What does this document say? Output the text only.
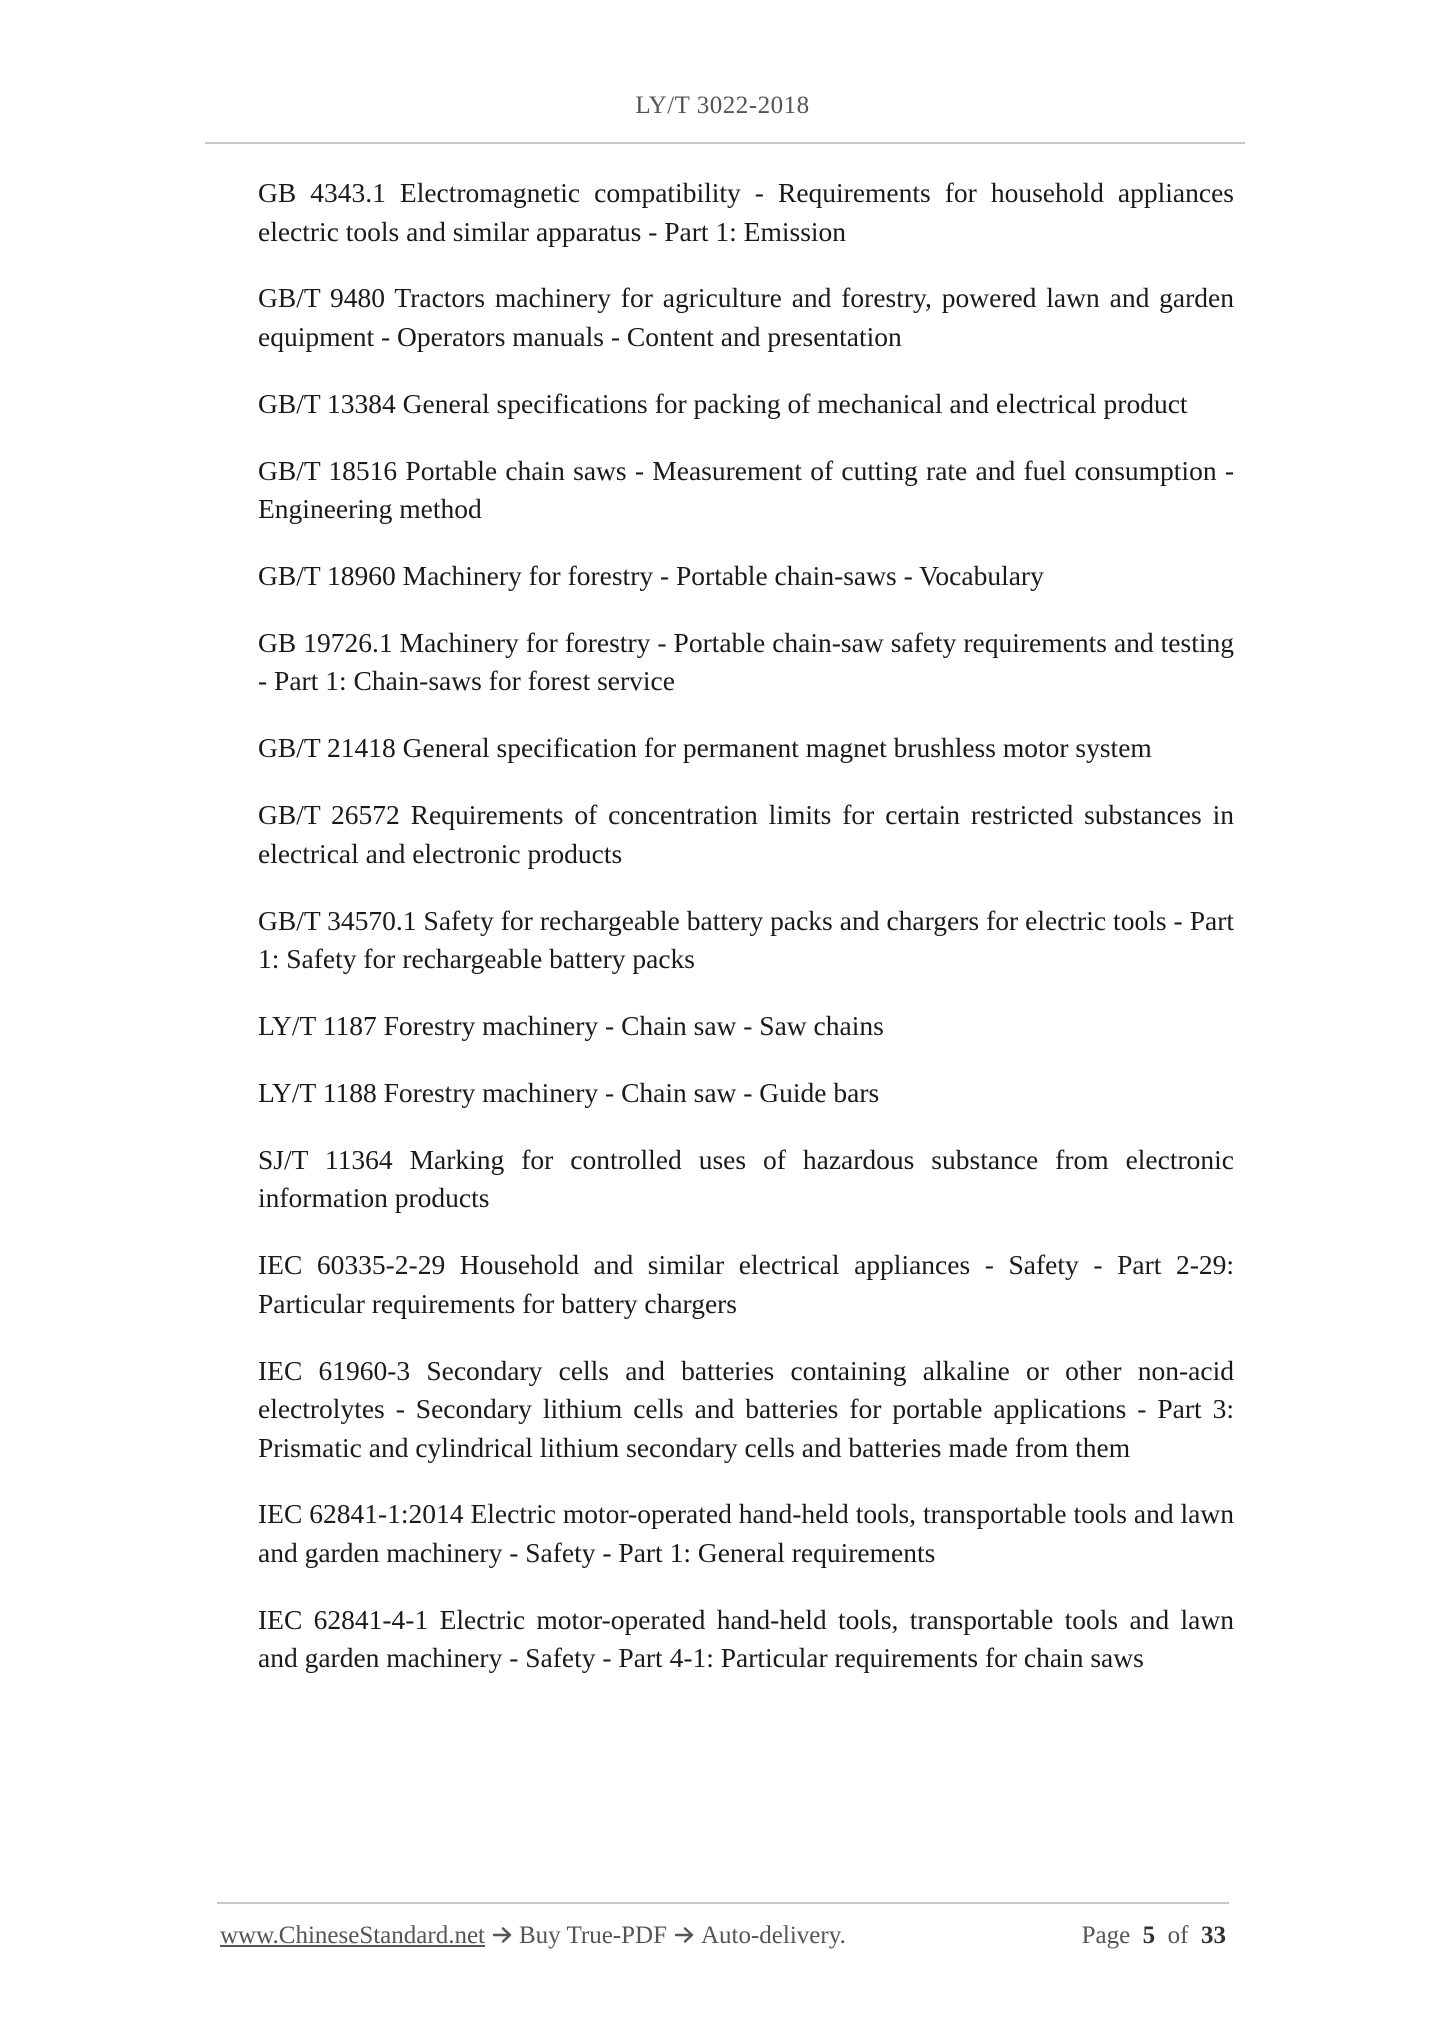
LY/T 3022-2018
GB 4343.1 Electromagnetic compatibility - Requirements for household appliances electric tools and similar apparatus - Part 1: Emission
GB/T 9480 Tractors machinery for agriculture and forestry, powered lawn and garden equipment - Operators manuals - Content and presentation
GB/T 13384 General specifications for packing of mechanical and electrical product
GB/T 18516 Portable chain saws - Measurement of cutting rate and fuel consumption - Engineering method
GB/T 18960 Machinery for forestry - Portable chain-saws - Vocabulary
GB 19726.1 Machinery for forestry - Portable chain-saw safety requirements and testing - Part 1: Chain-saws for forest service
GB/T 21418 General specification for permanent magnet brushless motor system
GB/T 26572 Requirements of concentration limits for certain restricted substances in electrical and electronic products
GB/T 34570.1 Safety for rechargeable battery packs and chargers for electric tools - Part 1: Safety for rechargeable battery packs
LY/T 1187 Forestry machinery - Chain saw - Saw chains
LY/T 1188 Forestry machinery - Chain saw - Guide bars
SJ/T 11364 Marking for controlled uses of hazardous substance from electronic information products
IEC 60335-2-29 Household and similar electrical appliances - Safety - Part 2-29: Particular requirements for battery chargers
IEC 61960-3 Secondary cells and batteries containing alkaline or other non-acid electrolytes - Secondary lithium cells and batteries for portable applications - Part 3: Prismatic and cylindrical lithium secondary cells and batteries made from them
IEC 62841-1:2014 Electric motor-operated hand-held tools, transportable tools and lawn and garden machinery - Safety - Part 1: General requirements
IEC 62841-4-1 Electric motor-operated hand-held tools, transportable tools and lawn and garden machinery - Safety - Part 4-1: Particular requirements for chain saws
www.ChineseStandard.net Buy True-PDF Auto-delivery.	Page 5 of 33
